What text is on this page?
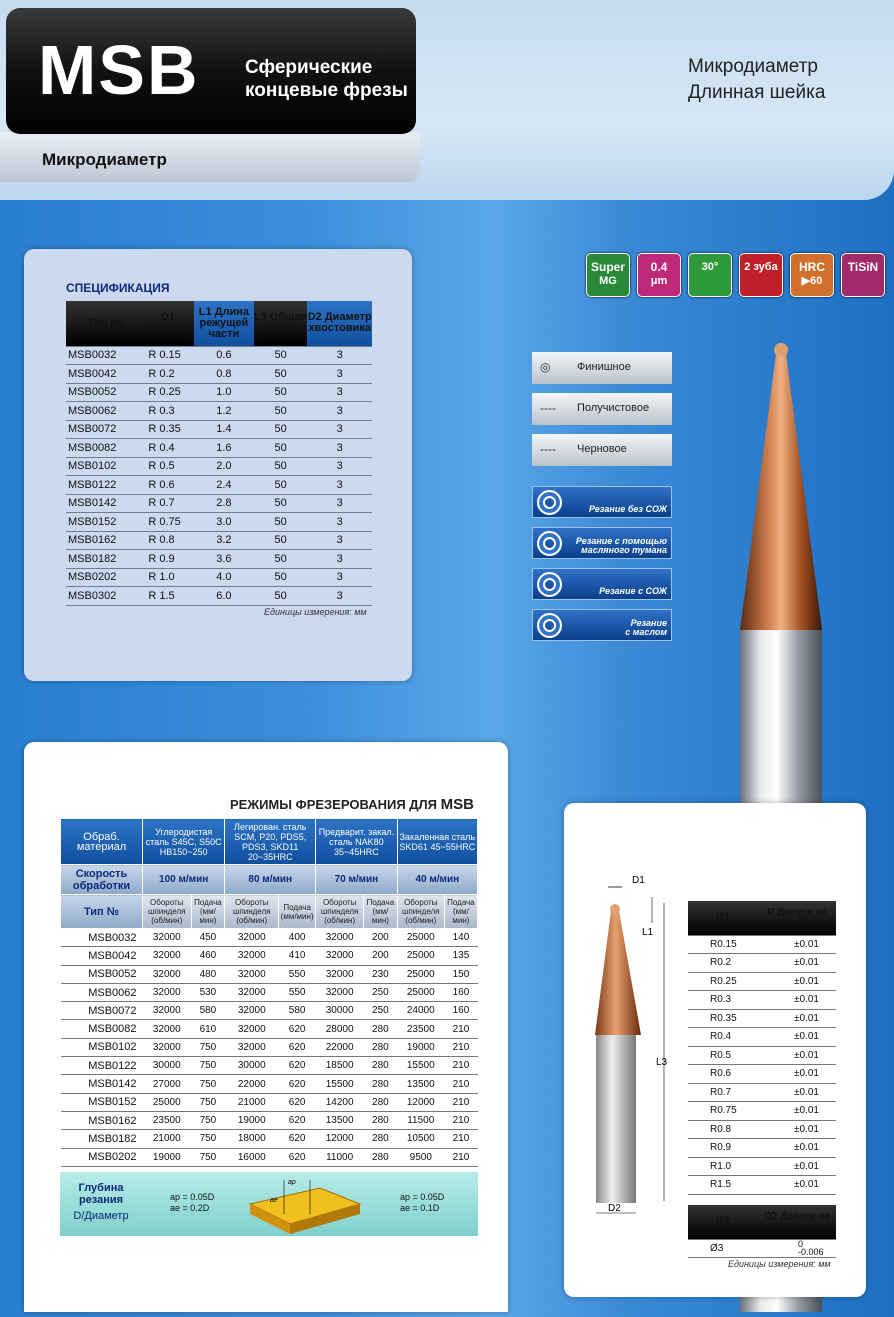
MSB Сферические
концевые фрезы
Микродиаметр
Микродиаметр
Длинная шейка
СПЕЦИФИКАЦИЯ
Тип №	D1 Диаметр	L1 Длина режущей части	L3 Общая длина	D2 Диаметр хвостовика
MSB0032	R 0.15	0.6	50	3
MSB0042	R 0.2	0.8	50	3
MSB0052	R 0.25	1.0	50	3
MSB0062	R 0.3	1.2	50	3
MSB0072	R 0.35	1.4	50	3
MSB0082	R 0.4	1.6	50	3
MSB0102	R 0.5	2.0	50	3
MSB0122	R 0.6	2.4	50	3
MSB0142	R 0.7	2.8	50	3
MSB0152	R 0.75	3.0	50	3
MSB0162	R 0.8	3.2	50	3
MSB0182	R 0.9	3.6	50	3
MSB0202	R 1.0	4.0	50	3
MSB0302	R 1.5	6.0	50	3
Единицы измерения: мм
Super
MG
0.4
μm
30°	2 зуба	HRC
▶60
TiSiN
◎ Финишное
---- Получистовое
---- Черновое
Резание без СОЖ
Резание с помощью
масляного тумана
Резание с СОЖ
Резание
с маслом
РЕЖИМЫ ФРЕЗЕРОВАНИЯ ДЛЯ MSB
Обраб. материал	Углеродистая сталь S45C, S50C HB150~250		Легирован. сталь SCM, P20, PDS5, PDS3, SKD11 20~35HRC		Предварит. закал. сталь NAK80 35~45HRC		Закаленная сталь SKD61 45~55HRC	
Скорость обработки	100 м/мин		80 м/мин		70 м/мин		40 м/мин	
Тип №	Обороты шпинделя (об/мин)	Подача (мм/мин)	Обороты шпинделя (об/мин)	Подача (мм/мин)	Обороты шпинделя (об/мин)	Подача (мм/мин)	Обороты шпинделя (об/мин)	Подача (мм/мин)
MSB0032	32000	450	32000	400	32000	200	25000	140
MSB0042	32000	460	32000	410	32000	200	25000	135
MSB0052	32000	480	32000	550	32000	230	25000	150
MSB0062	32000	530	32000	550	32000	250	25000	160
MSB0072	32000	580	32000	580	30000	250	24000	160
MSB0082	32000	610	32000	620	28000	280	23500	210
MSB0102	32000	750	32000	620	22000	280	19000	210
MSB0122	30000	750	30000	620	18500	280	15500	210
MSB0142	27000	750	22000	620	15500	280	13500	210
MSB0152	25000	750	21000	620	14200	280	12000	210
MSB0162	23500	750	19000	620	13500	280	11500	210
MSB0182	21000	750	18000	620	12000	280	10500	210
MSB0202	19000	750	16000	620	11000	280	9500	210
Глубина резания
D/Диаметр
ap = 0.05D
ae = 0.2D
ap = 0.05D
ae = 0.1D
ap
ae
D1
L1
L3
D2
D1	R Допуск на радиус
R0.15	±0.01
R0.2	±0.01
R0.25	±0.01
R0.3	±0.01
R0.35	±0.01
R0.4	±0.01
R0.5	±0.01
R0.6	±0.01
R0.7	±0.01
R0.75	±0.01
R0.8	±0.01
R0.9	±0.01
R1.0	±0.01
R1.5	±0.01
D2	D2 Допуск на диаметр
Ø3	0
-0.006
Единицы измерения: мм
